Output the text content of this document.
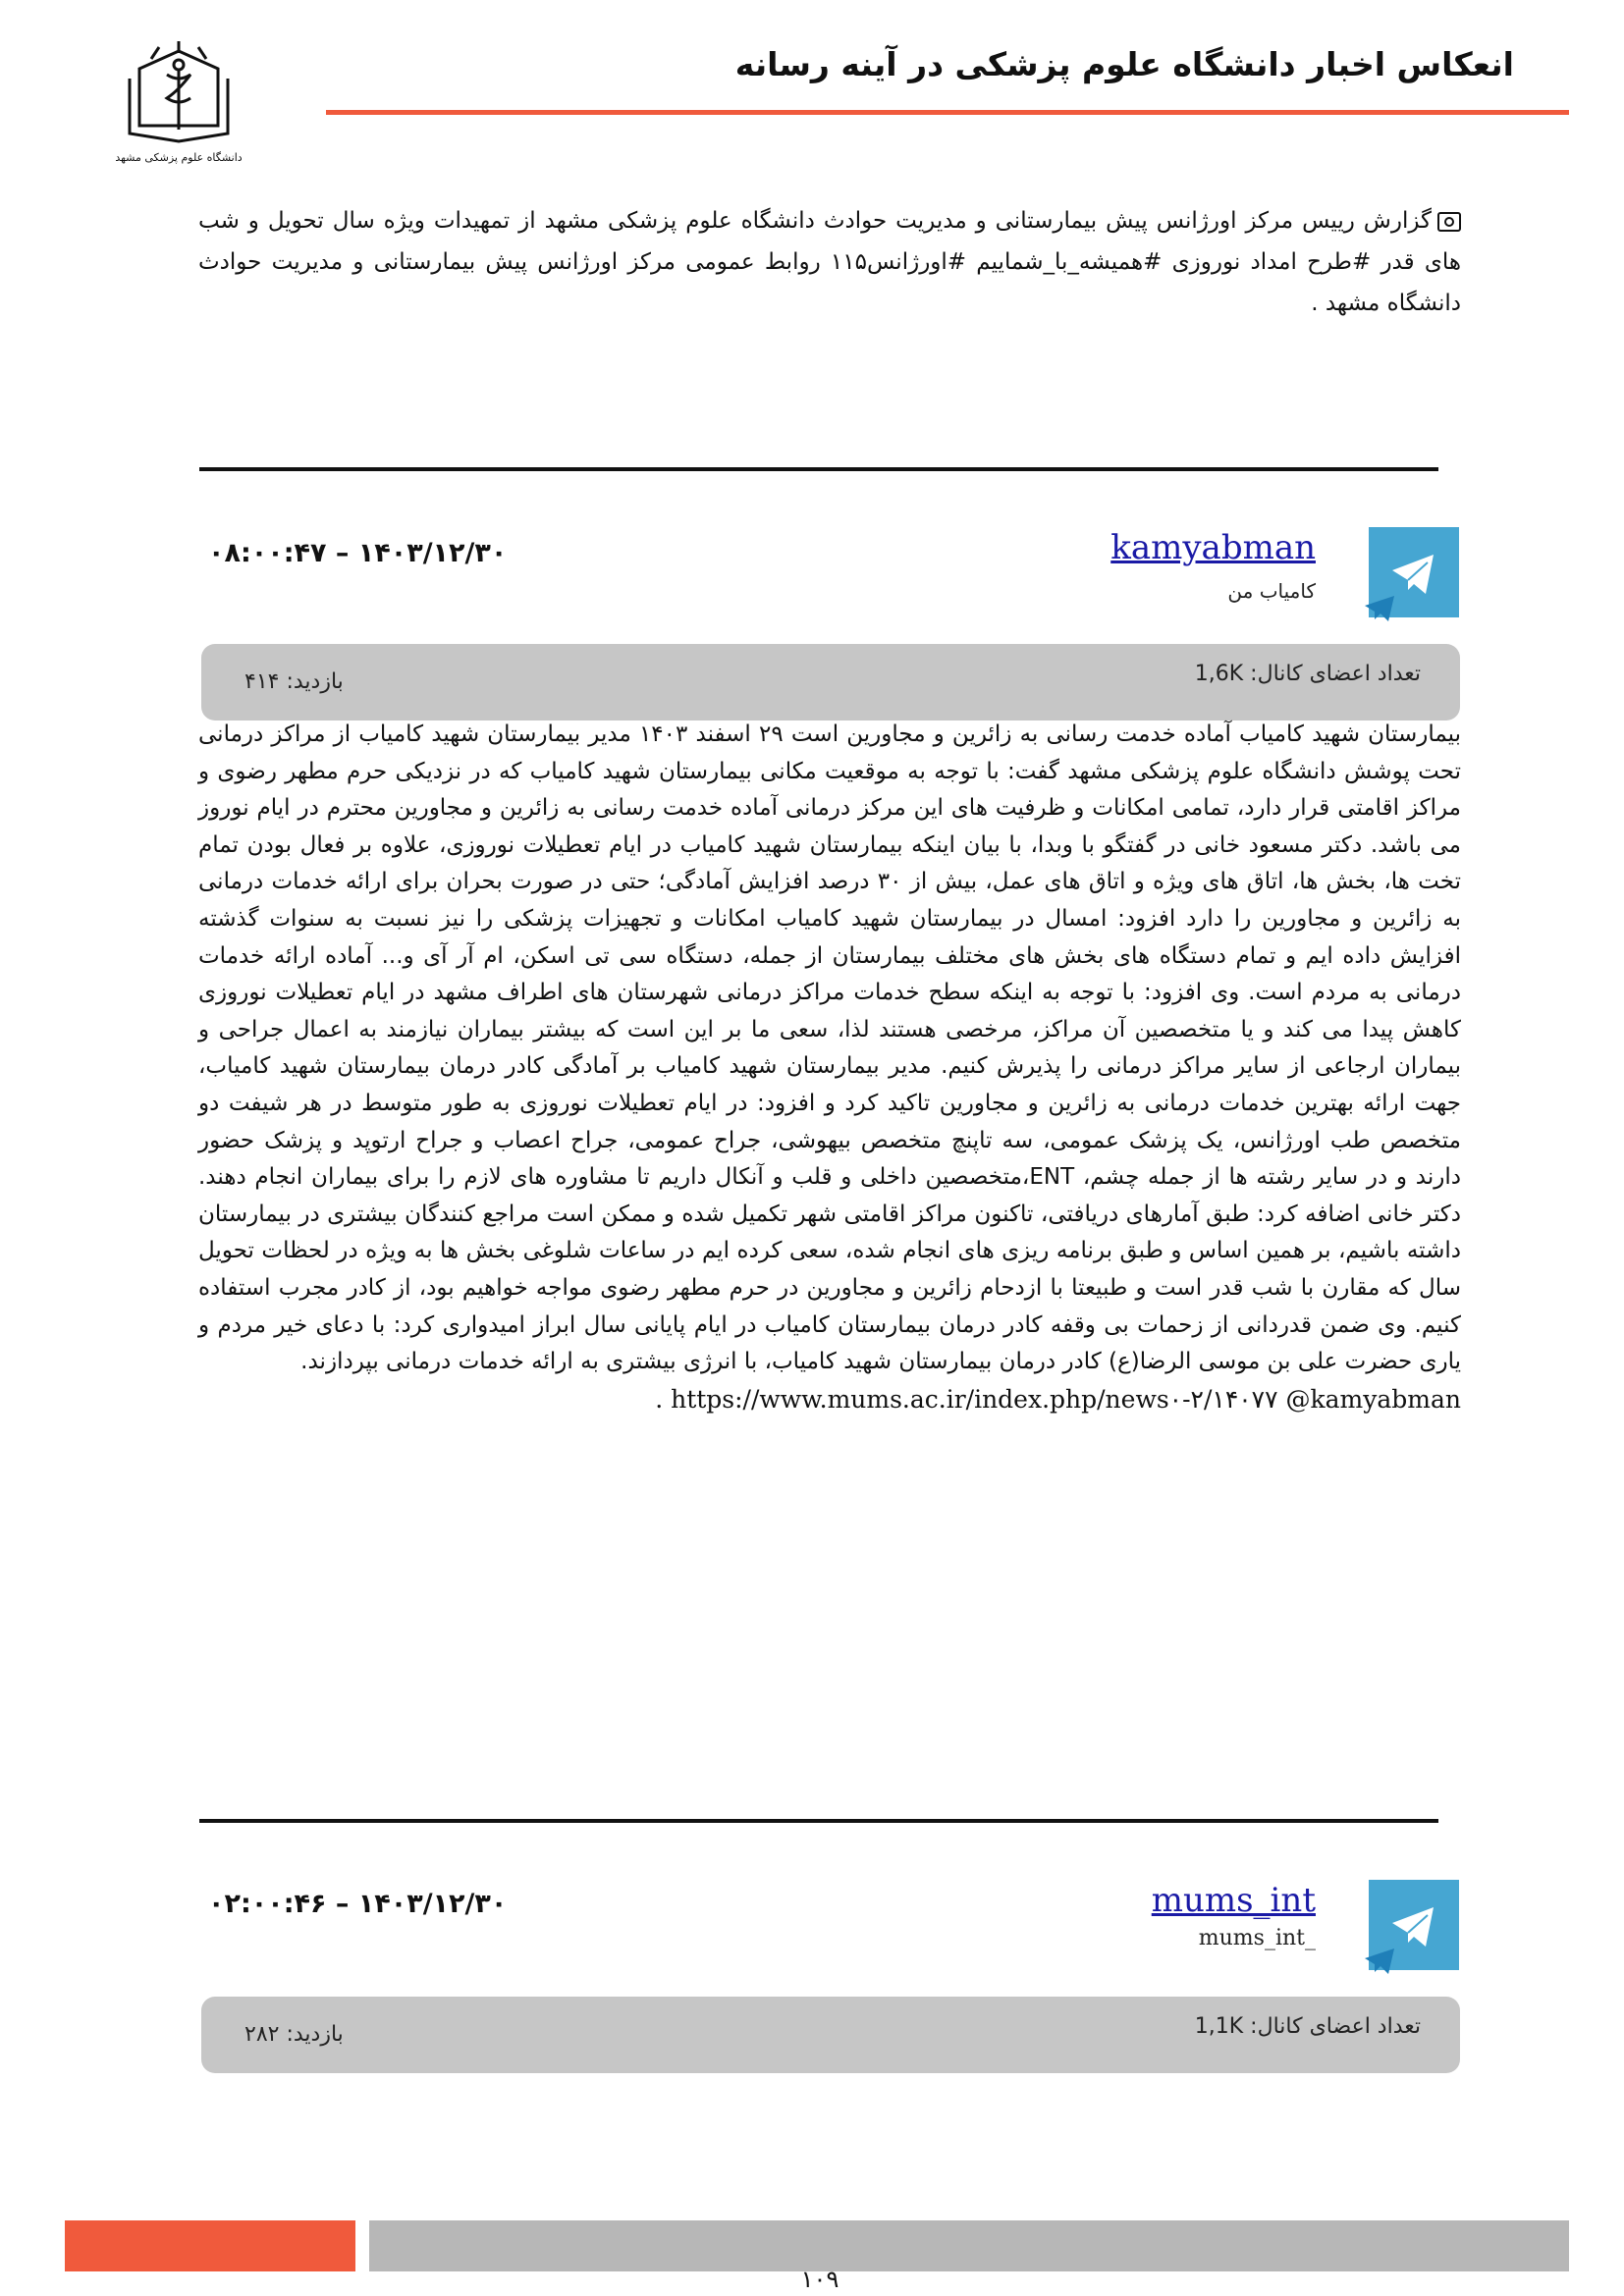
دانشگاه علوم پزشکی مشهد
انعکاس اخبار دانشگاه علوم پزشکی در آینه رسانه
گزارش رییس مرکز اورژانس پیش بیمارستانی و مدیریت حوادث دانشگاه علوم پزشکی مشهد از تمهیدات ویژه سال تحویل و شب های قدر #طرح امداد نوروزی #همیشه_با_شماییم #اورژانس۱۱۵ روابط عمومی مرکز اورژانس پیش بیمارستانی و مدیریت حوادث دانشگاه مشهد .
kamyabman
کامیاب من
۰۸:۰۰:۴۷ – ۱۴۰۳/۱۲/۳۰
تعداد اعضای کانال: 1,6K
بازدید: ۴۱۴
بیمارستان شهید کامیاب آماده خدمت رسانی به زائرین و مجاورین است ۲۹ اسفند ۱۴۰۳ مدیر بیمارستان شهید کامیاب از مراکز درمانی تحت پوشش دانشگاه علوم پزشکی مشهد گفت: با توجه به موقعیت مکانی بیمارستان شهید کامیاب که در نزدیکی حرم مطهر رضوی و مراکز اقامتی قرار دارد، تمامی امکانات و ظرفیت های این مرکز درمانی آماده خدمت رسانی به زائرین و مجاورین محترم در ایام نوروز می باشد. دکتر مسعود خانی در گفتگو با وبدا، با بیان اینکه بیمارستان شهید کامیاب در ایام تعطیلات نوروزی، علاوه بر فعال بودن تمام تخت ها، بخش ها، اتاق های ویژه و اتاق های عمل، بیش از ۳۰ درصد افزایش آمادگی؛ حتی در صورت بحران برای ارائه خدمات درمانی به زائرین و مجاورین را دارد افزود: امسال در بیمارستان شهید کامیاب امکانات و تجهیزات پزشکی را نیز نسبت به سنوات گذشته افزایش داده ایم و تمام دستگاه های بخش های مختلف بیمارستان از جمله، دستگاه سی تی اسکن، ام آر آی و... آماده ارائه خدمات درمانی به مردم است. وی افزود: با توجه به اینکه سطح خدمات مراکز درمانی شهرستان های اطراف مشهد در ایام تعطیلات نوروزی کاهش پیدا می کند و یا متخصصین آن مراکز، مرخصی هستند لذا، سعی ما بر این است که بیشتر بیماران نیازمند به اعمال جراحی و بیماران ارجاعی از سایر مراکز درمانی را پذیرش کنیم. مدیر بیمارستان شهید کامیاب بر آمادگی کادر درمان بیمارستان شهید کامیاب، جهت ارائه بهترین خدمات درمانی به زائرین و مجاورین تاکید کرد و افزود: در ایام تعطیلات نوروزی به طور متوسط در هر شیفت دو متخصص طب اورژانس، یک پزشک عمومی، سه تاپنچ متخصص بیهوشی، جراح عمومی، جراح اعصاب و جراح ارتوپد و پزشک حضور دارند و در سایر رشته ها از جمله چشم، ENT،متخصصین داخلی و قلب و آنکال داریم تا مشاوره های لازم را برای بیماران انجام دهند. دکتر خانی اضافه کرد: طبق آمارهای دریافتی، تاکنون مراکز اقامتی شهر تکمیل شده و ممکن است مراجع کنندگان بیشتری در بیمارستان داشته باشیم، بر همین اساس و طبق برنامه ریزی های انجام شده، سعی کرده ایم در ساعات شلوغی بخش ها به ویژه در لحظات تحویل سال که مقارن با شب قدر است و طبیعتا با ازدحام زائرین و مجاورین در حرم مطهر رضوی مواجه خواهیم بود، از کادر مجرب استفاده کنیم. وی ضمن قدردانی از زحمات بی وقفه کادر درمان بیمارستان کامیاب در ایام پایانی سال ابراز امیدواری کرد: با دعای خیر مردم و یاری حضرت علی بن موسی الرضا(ع) کادر درمان بیمارستان شهید کامیاب، با انرژی بیشتری به ارائه خدمات درمانی بپردازند.
https://www.mums.ac.ir/index.php/news۰-۲/۱۴۰۷۷ @kamyabman .
mums_int
mums_int_
۰۲:۰۰:۴۶ – ۱۴۰۳/۱۲/۳۰
تعداد اعضای کانال: 1,1K
بازدید: ۲۸۲
۱۰۹
